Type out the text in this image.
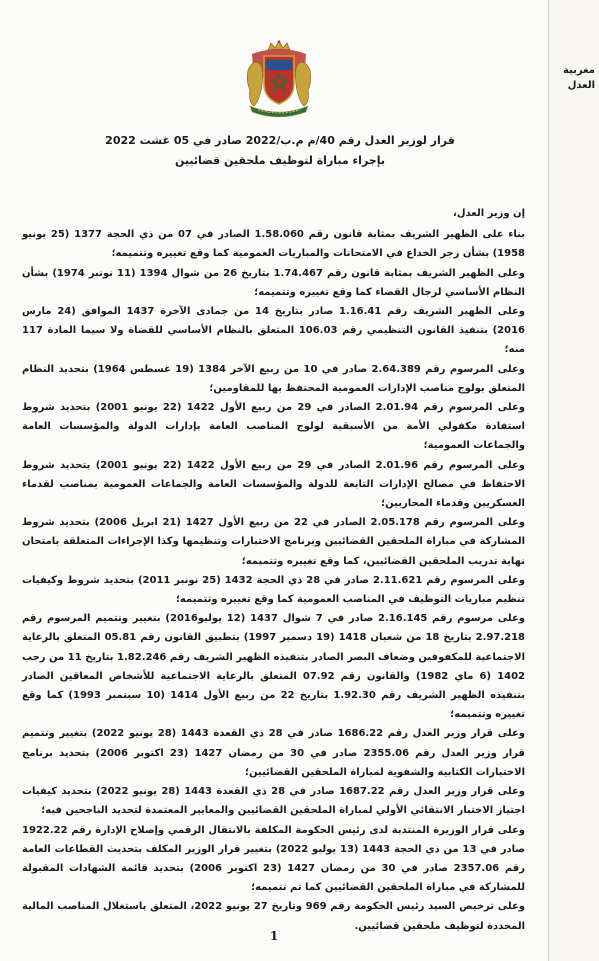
قرار لوزير العدل رقم 40/م م.ب/2022 صادر في 05 غشت 2022
بإجراء مباراة لتوظيف ملحقين قضائيين

إن وزير العدل،

بناء على الظهير الشريف بمثابة قانون رقم 1.58.060 الصادر في 07 من ذي الحجة 1377 (25 يونيو 1958) بشأن زجر الخداع في الامتحانات والمباريات العمومية كما وقع تغييره وتتميمه؛

وعلى الظهير الشريف بمثابة قانون رقم 1.74.467 بتاريخ 26 من شوال 1394 (11 نونبر 1974) بشأن النظام الأساسي لرجال القضاء كما وقع تغييره وتتميمه؛

وعلى الظهير الشريف رقم 1.16.41 صادر بتاريخ 14 من جمادى الآخرة 1437 الموافق (24 مارس 2016) بتنفيذ القانون التنظيمي رقم 106.03 المتعلق بالنظام الأساسي للقضاة ولا سيما المادة 117 منه؛

وعلى المرسوم رقم 2.64.389 صادر في 10 من ربيع الآخر 1384 (19 غسطس 1964) بتحديد النظام المتعلق بولوج مناصب الإدارات العمومية المحتفظ بها للمقاومين؛

وعلى المرسوم رقم 2.01.94 الصادر في 29 من ربيع الأول 1422 (22 يونيو 2001) بتحديد شروط استفادة مكفولي الأمة من الأسبقية لولوج المناصب العامة بإدارات الدولة والمؤسسات العامة والجماعات العمومية؛

وعلى المرسوم رقم 2.01.96 الصادر في 29 من ربيع الأول 1422 (22 يونيو 2001) بتحديد شروط الاحتفاظ في مصالح الإدارات التابعة للدولة والمؤسسات العامة والجماعات العمومية بمناصب لقدماء العسكريين وقدماء المحاربين؛

وعلى المرسوم رقم 2.05.178 الصادر في 22 من ربيع الأول 1427 (21 ابريل 2006) بتحديد شروط المشاركة في مباراة الملحقين القضائيين وبرنامج الاختبارات وتنظيمها وكذا الإجراءات المتعلقة بامتحان نهاية تدريب الملحقين القضائيين، كما وقع تغييره وتتميمه؛

وعلى المرسوم رقم 2.11.621 صادر في 28 ذي الحجة 1432 (25 نونبر 2011) بتحديد شروط وكيفيات تنظيم مباريات التوظيف في المناصب العمومية كما وقع تغييره وتتميمه؛

وعلى مرسوم رقم 2.16.145 صادر في 7 شوال 1437 (12 يوليو2016) بتغيير وتتميم المرسوم رقم 2.97.218 بتاريخ 18 من شعبان 1418 (19 دسمبر 1997) بتطبيق القانون رقم 05.81 المتعلق بالرعاية الاجتماعية للمكفوفين وضعاف البصر الصادر بتنفيذه الظهير الشريف رقم 1.82.246 بتاريخ 11 من رجب 1402 (6 ماي 1982) والقانون رقم 07.92 المتعلق بالرعاية الاجتماعية للأشخاص المعاقين الصادر بتنفيذه الظهير الشريف رقم 1.92.30 بتاريخ 22 من ربيع الأول 1414 (10 سبتمبر 1993) كما وقع تغييره وتتميمه؛

وعلى قرار وزير العدل رقم 1686.22 صادر في 28 ذي القعدة 1443 (28 يونيو 2022) بتغيير وتتميم قرار وزير العدل رقم 2355.06 صادر في 30 من رمضان 1427 (23 اكتوبر 2006) بتحديد برنامج الاختبارات الكتابية والشفوية لمباراة الملحقين القضائيين؛

وعلى قرار وزير العدل رقم 1687.22 صادر في 28 ذي القعدة 1443 (28 يونيو 2022) بتحديد كيفيات اجتياز الاختبار الانتقائي الأولي لمباراة الملحقين القضائيين والمعايير المعتمدة لتحديد الناجحين فيه؛

وعلى قرار الوزيرة المنتدبة لدى رئيس الحكومة المكلفة بالانتقال الرقمي وإصلاح الإدارة رقم 1922.22 صادر في 13 من ذي الحجة 1443 (13 يوليو 2022) بتغيير قرار الوزير المكلف بتحديث القطاعات العامة رقم 2357.06 صادر في 30 من رمضان 1427 (23 اكتوبر 2006) بتحديد قائمة الشهادات المقبولة للمشاركة في مباراة الملحقين القضائيين كما تم تتميمه؛

وعلى ترخيص السيد رئيس الحكومة رقم 969 وتاريخ 27 يونيو 2022، المتعلق باستغلال المناصب المالية المحددة لتوظيف ملحقين قضائيين.

1
مغربية
العدل
